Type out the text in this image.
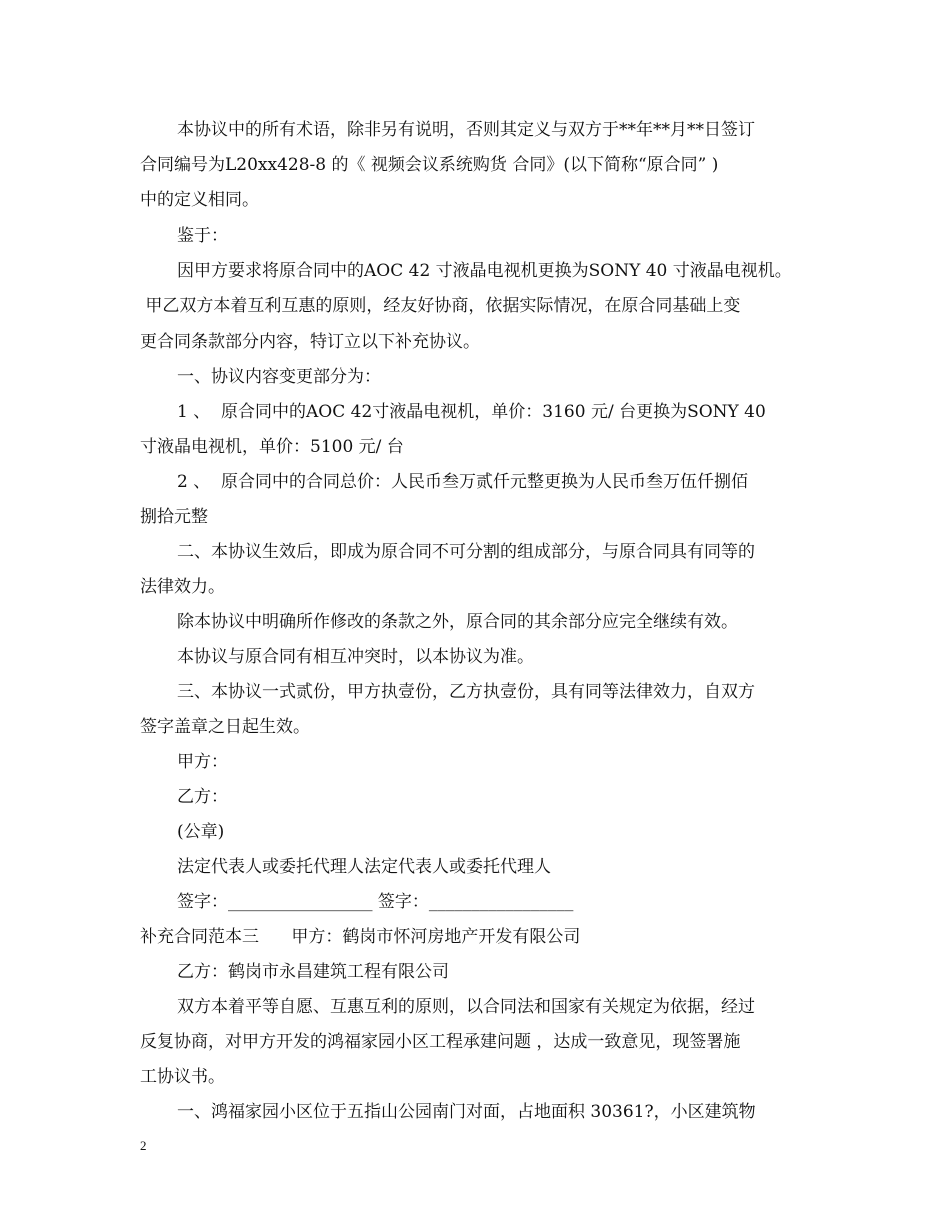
本协议中的所有术语，除非另有说明，否则其定义与双方于**年**月**日签订
合同编号为L20xx428-8 的《 视频会议系统购货 合同》(以下简称“原合同” )
中的定义相同。
鉴于：
因甲方要求将原合同中的AOC 42 寸液晶电视机更换为SONY 40 寸液晶电视机。
甲乙双方本着互利互惠的原则，经友好协商，依据实际情况，在原合同基础上变
更合同条款部分内容，特订立以下补充协议。
一、协议内容变更部分为：
1 、  原合同中的AOC 42寸液晶电视机，单价：3160 元/ 台更换为SONY 40
寸液晶电视机，单价：5100 元/ 台
2 、  原合同中的合同总价：人民币叁万贰仟元整更换为人民币叁万伍仟捌佰
捌拾元整
二、本协议生效后，即成为原合同不可分割的组成部分，与原合同具有同等的
法律效力。
除本协议中明确所作修改的条款之外，原合同的其余部分应完全继续有效。
本协议与原合同有相互冲突时，以本协议为准。
三、本协议一式贰份，甲方执壹份，乙方执壹份，具有同等法律效力，自双方
签字盖章之日起生效。
甲方：
乙方：
(公章)
法定代表人或委托代理人法定代表人或委托代理人
签字：_________________ 签字：_________________
补充合同范本三      甲方：鹤岗市怀河房地产开发有限公司
乙方：鹤岗市永昌建筑工程有限公司
双方本着平等自愿、互惠互利的原则，以合同法和国家有关规定为依据，经过
反复协商，对甲方开发的鸿福家园小区工程承建问题 ，达成一致意见，现签署施
工协议书。
一、鸿福家园小区位于五指山公园南门对面，占地面积 30361?，小区建筑物
2
